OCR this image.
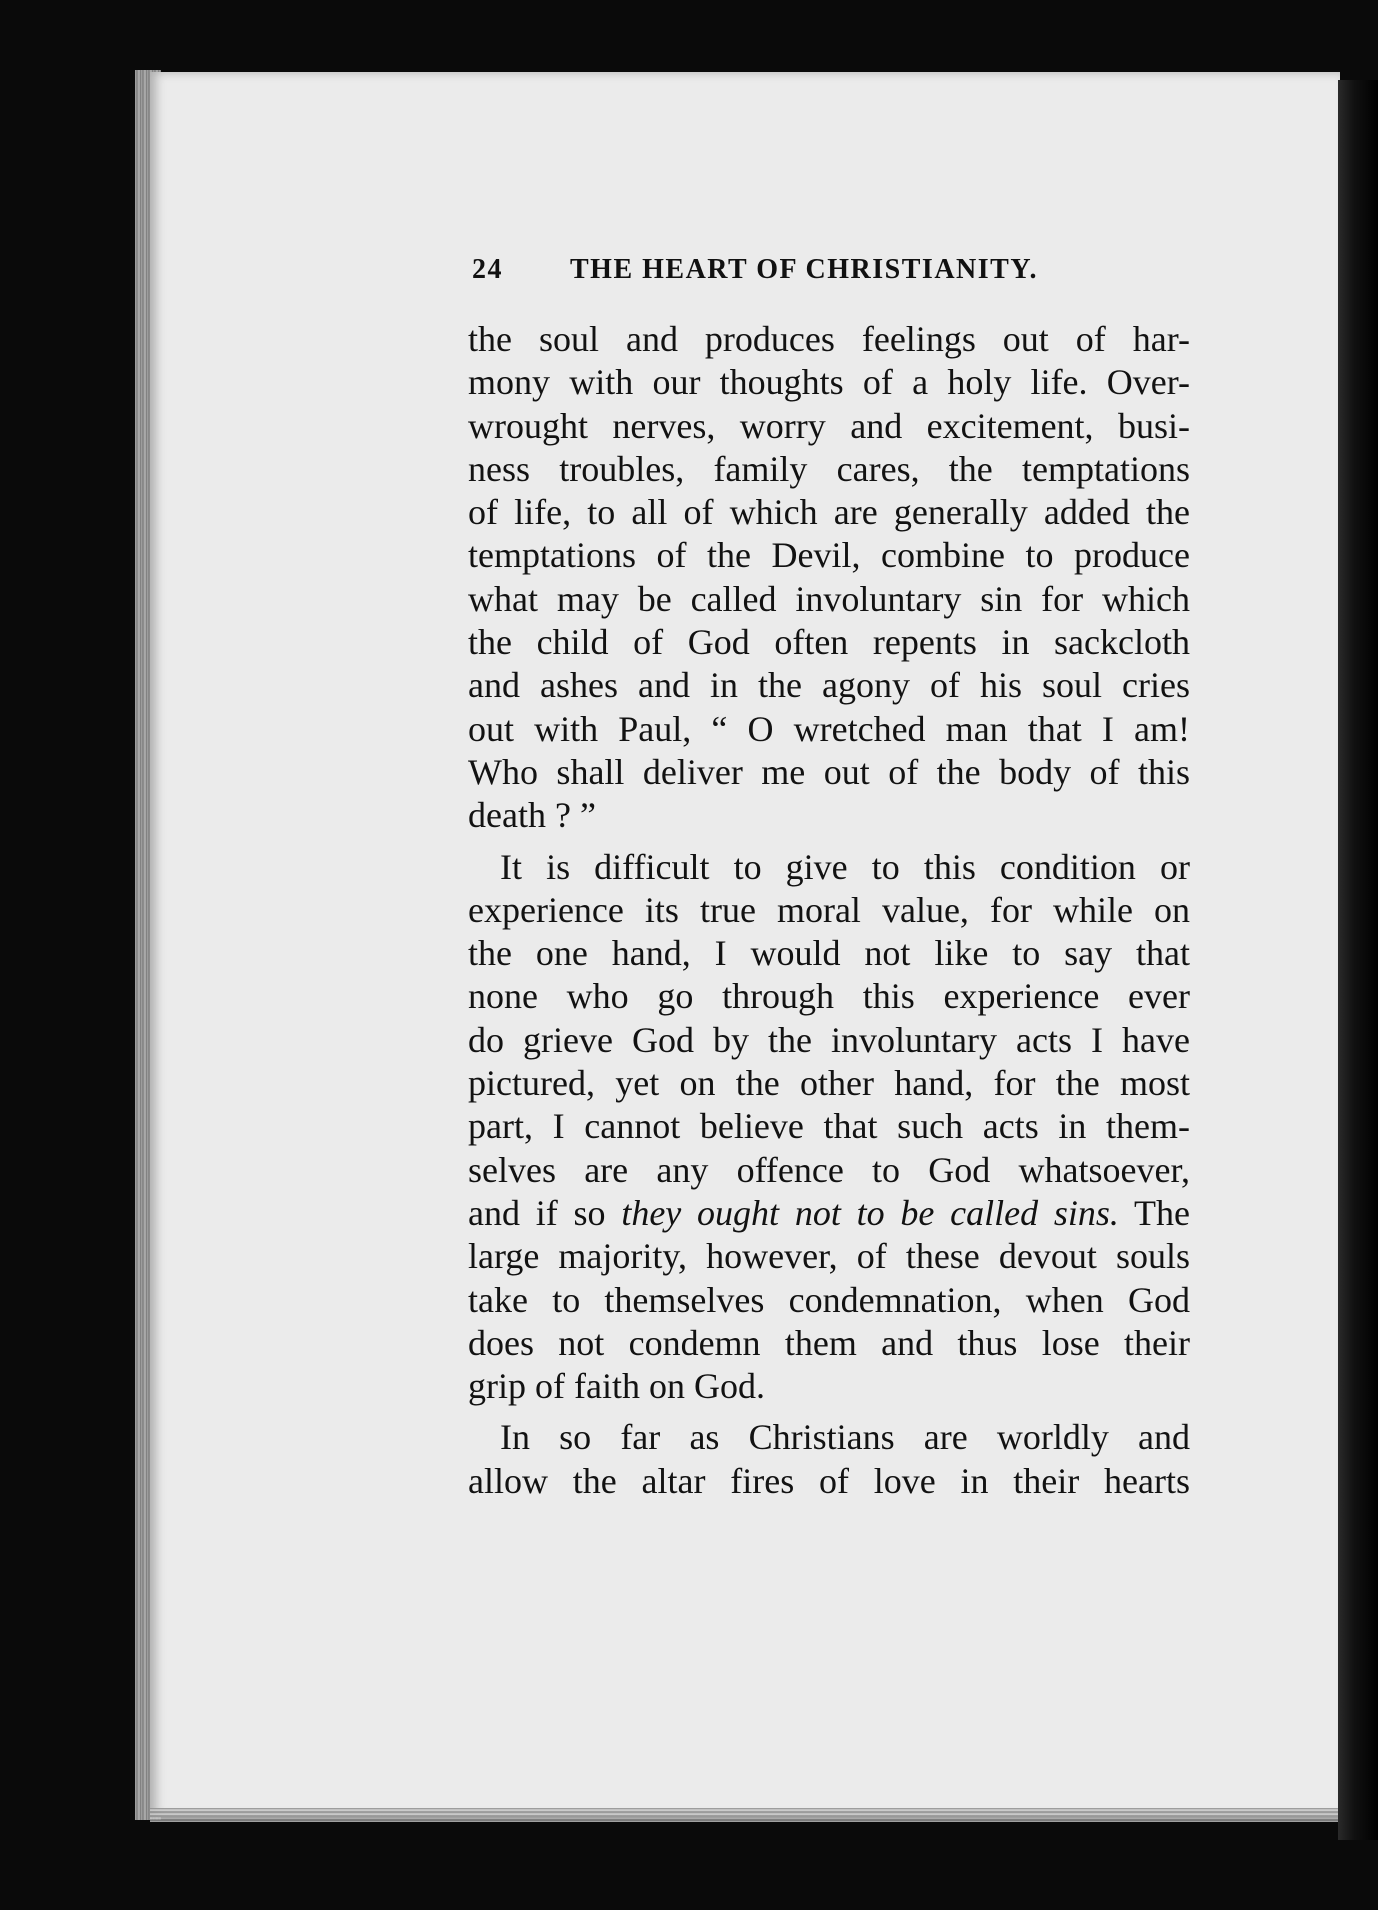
24 THE HEART OF CHRISTIANITY.
the soul and produces feelings out of har-
mony with our thoughts of a holy life. Over-
wrought nerves, worry and excitement, busi-
ness troubles, family cares, the temptations
of life, to all of which are generally added the
temptations of the Devil, combine to produce
what may be called involuntary sin for which
the child of God often repents in sackcloth
and ashes and in the agony of his soul cries
out with Paul, “ O wretched man that I am!
Who shall deliver me out of the body of this
death ? ”
It is difficult to give to this condition or
experience its true moral value, for while on
the one hand, I would not like to say that
none who go through this experience ever
do grieve God by the involuntary acts I have
pictured, yet on the other hand, for the most
part, I cannot believe that such acts in them-
selves are any offence to God whatsoever,
and if so they ought not to be called sins. The
large majority, however, of these devout souls
take to themselves condemnation, when God
does not condemn them and thus lose their
grip of faith on God.
In so far as Christians are worldly and
allow the altar fires of love in their hearts
